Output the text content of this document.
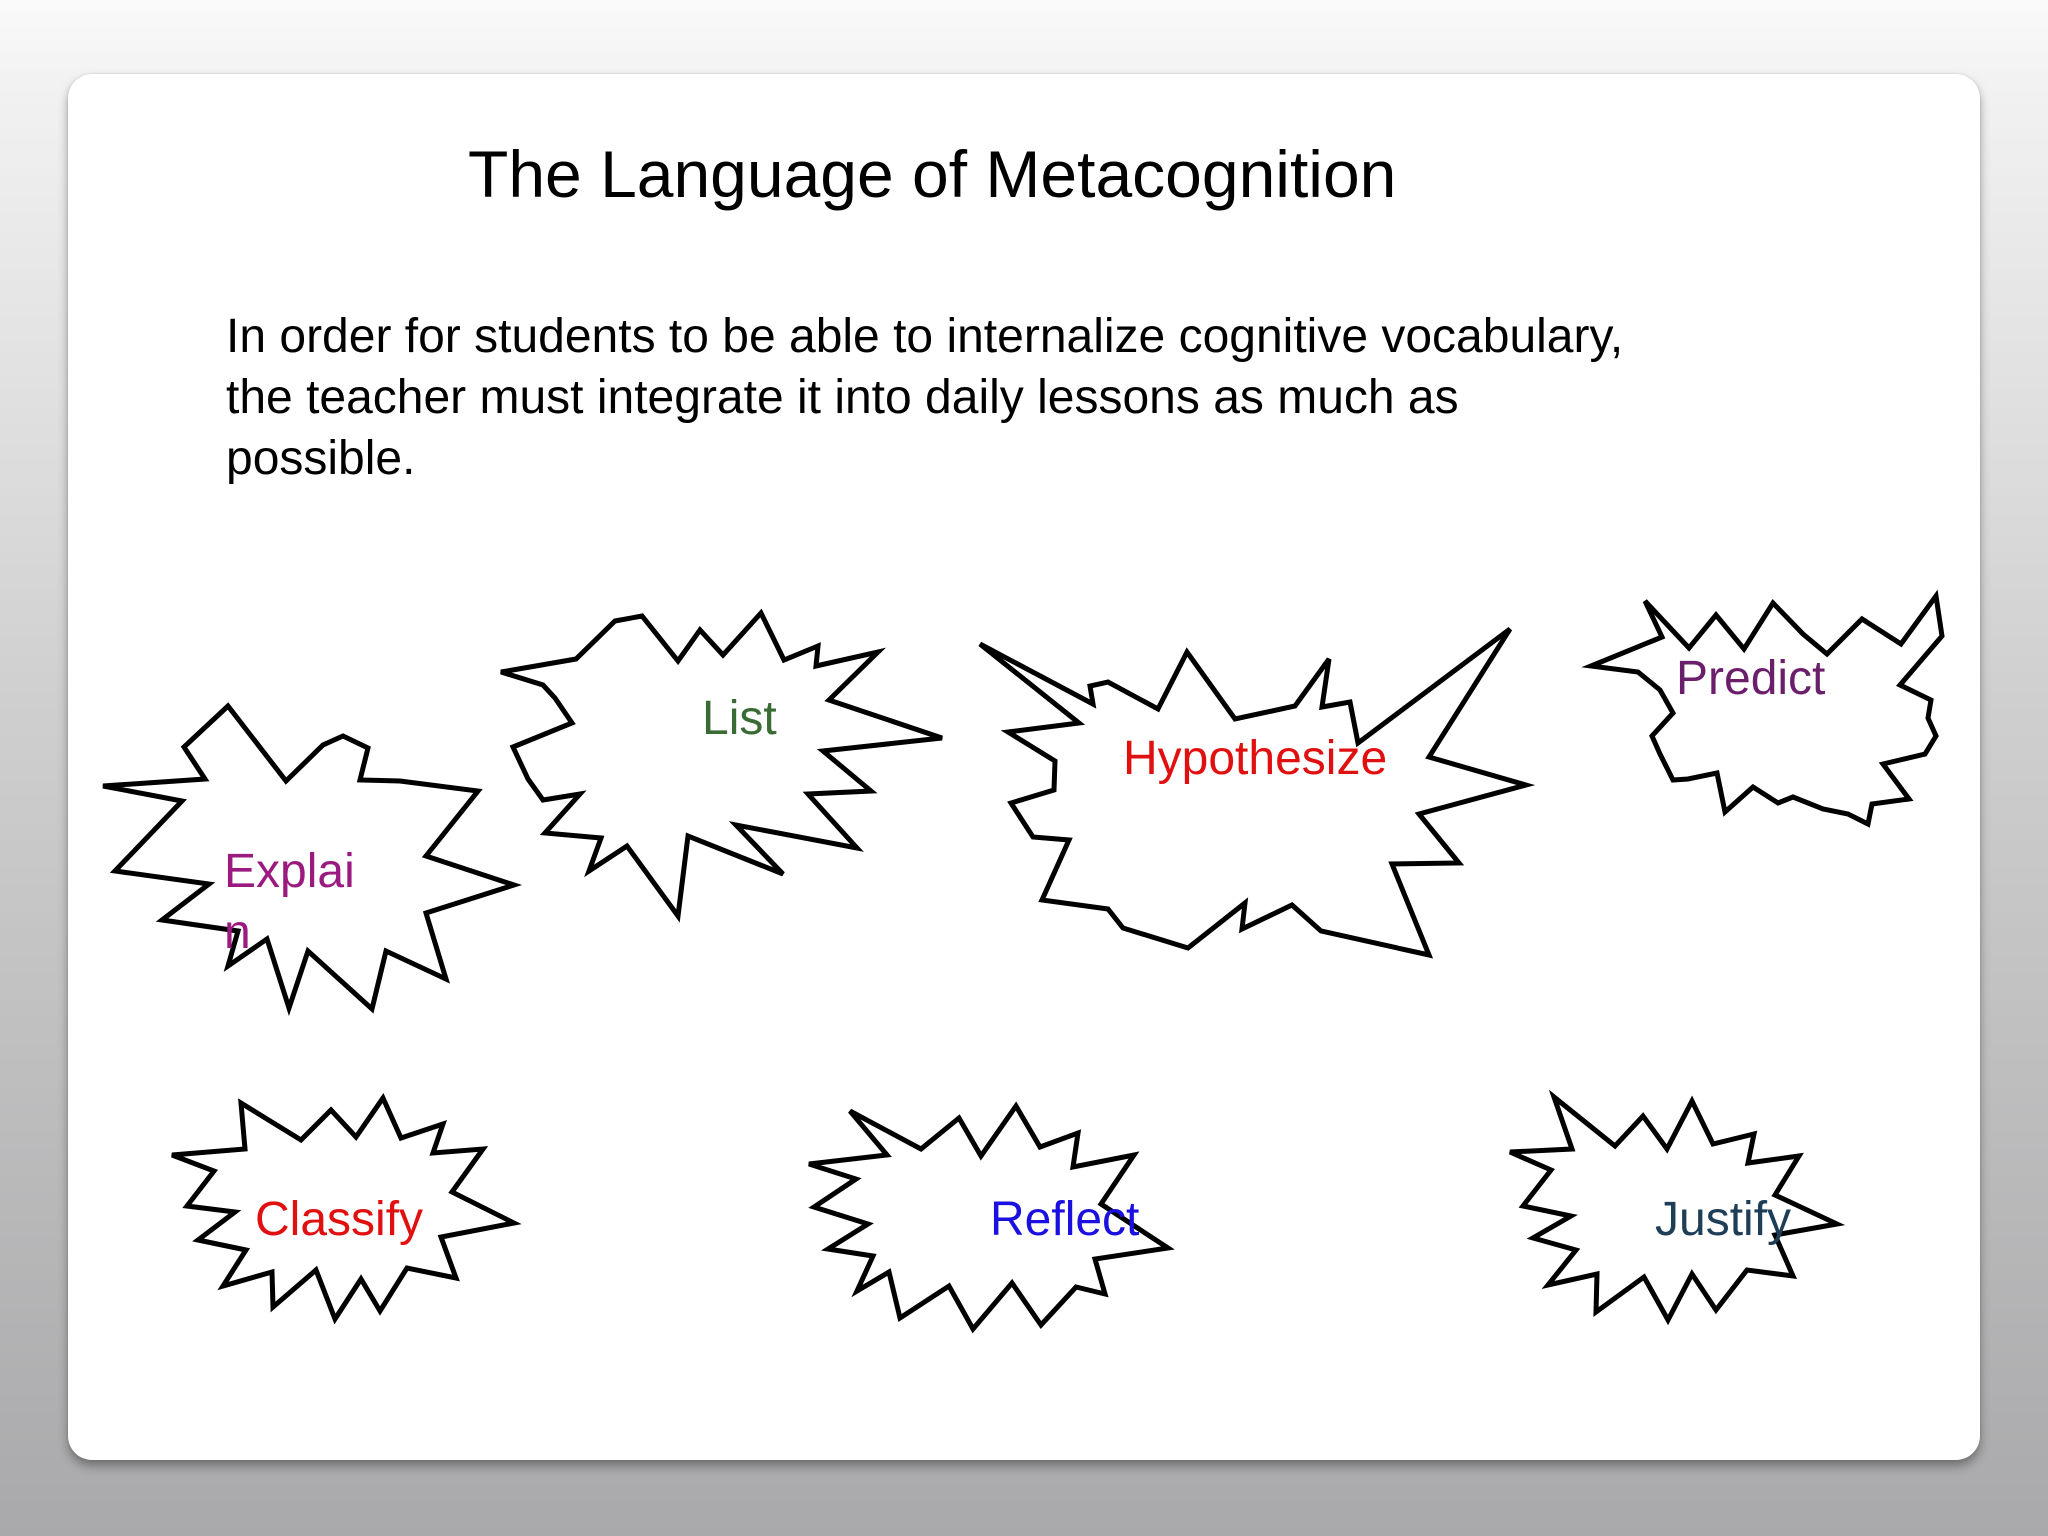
The Language of Metacognition
In order for students to be able to internalize cognitive vocabulary,
the teacher must integrate it into daily lessons as much as
possible.
Explai
n
List
Hypothesize
Predict
Classify	Reflect	Justify
